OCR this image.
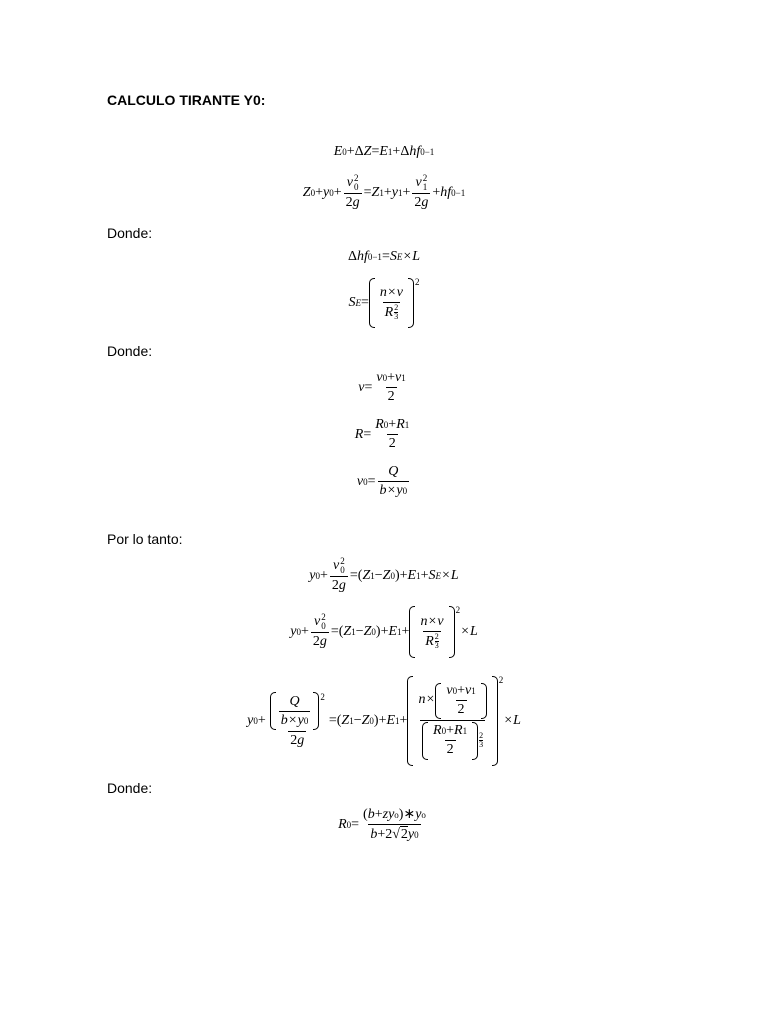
CALCULO TIRANTE Y0:
E 0 +Δ Z = E 1 +Δ hf 0−1
Z 0 + y 0 + v 2
0
2 g = Z 1 + y 1 + v 2
1
2 g + hf 0−1
Donde:
Δ hf 0−1 = S E × L
S $E = \frac{n \times v}{R \frac{2}{3}}$
2
Donde:
$v = \frac{v 0 + v 1}{2}$
$R = \frac{R 0 + R 1}{2}$
v $0 = \frac{Q}{b \times y 0}$
Por lo tanto:
y 0 + v 2
0
2 g =( Z 1 − Z 0 )+ E 1 + S E × L
y 0 + v 2
0
2 g =( Z 1 − Z 0 )+ E $1 + \frac{n \times v}{R \frac{2}{3}}$
2
× L
y $0 + \frac{\frac{Q}{b \times y 0} 2}{2 g}$ =( Z 1 − Z 0 )+ E $1 + \frac{n \times \frac{v 0 + v 1}{2}}{\frac{R 0 + R 1}{2} \frac{2}{3}}$
2
× L
Donde:
R $0 = \frac{\text{( b + z y o )∗ y o}}{b +2 √ 2 y 0}$
